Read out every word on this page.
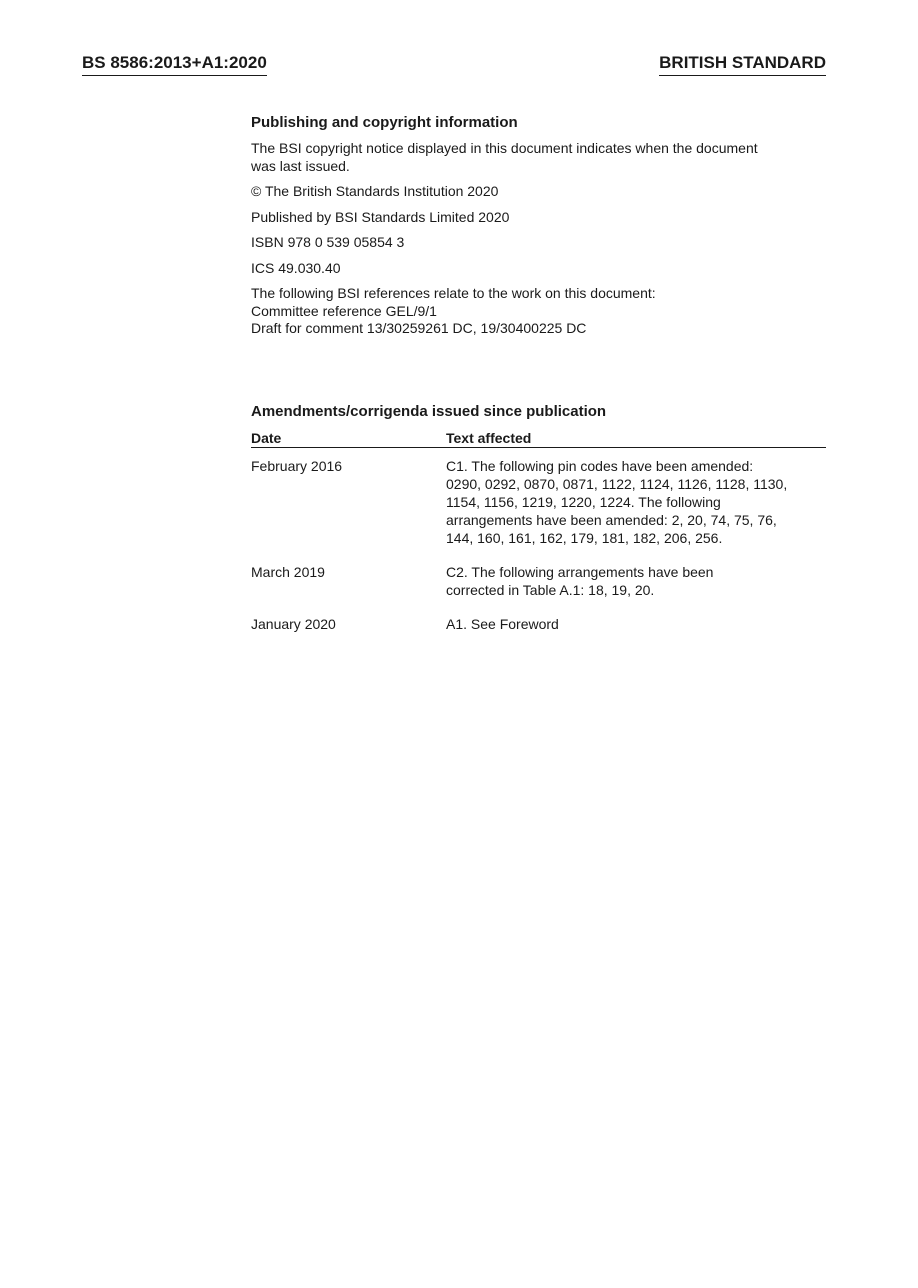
BS 8586:2013+A1:2020	BRITISH STANDARD
Publishing and copyright information

The BSI copyright notice displayed in this document indicates when the document
was last issued.

© The British Standards Institution 2020

Published by BSI Standards Limited 2020

ISBN 978 0 539 05854 3

ICS 49.030.40

The following BSI references relate to the work on this document:
Committee reference GEL/9/1
Draft for comment 13/30259261 DC, 19/30400225 DC

Amendments/corrigenda issued since publication
Date	Text affected
February 2016	C1. The following pin codes have been amended:
0290, 0292, 0870, 0871, 1122, 1124, 1126, 1128, 1130,
1154, 1156, 1219, 1220, 1224. The following
arrangements have been amended: 2, 20, 74, 75, 76,
144, 160, 161, 162, 179, 181, 182, 206, 256.

March 2019	C2. The following arrangements have been
corrected in Table A.1: 18, 19, 20.

January 2020	A1. See Foreword
